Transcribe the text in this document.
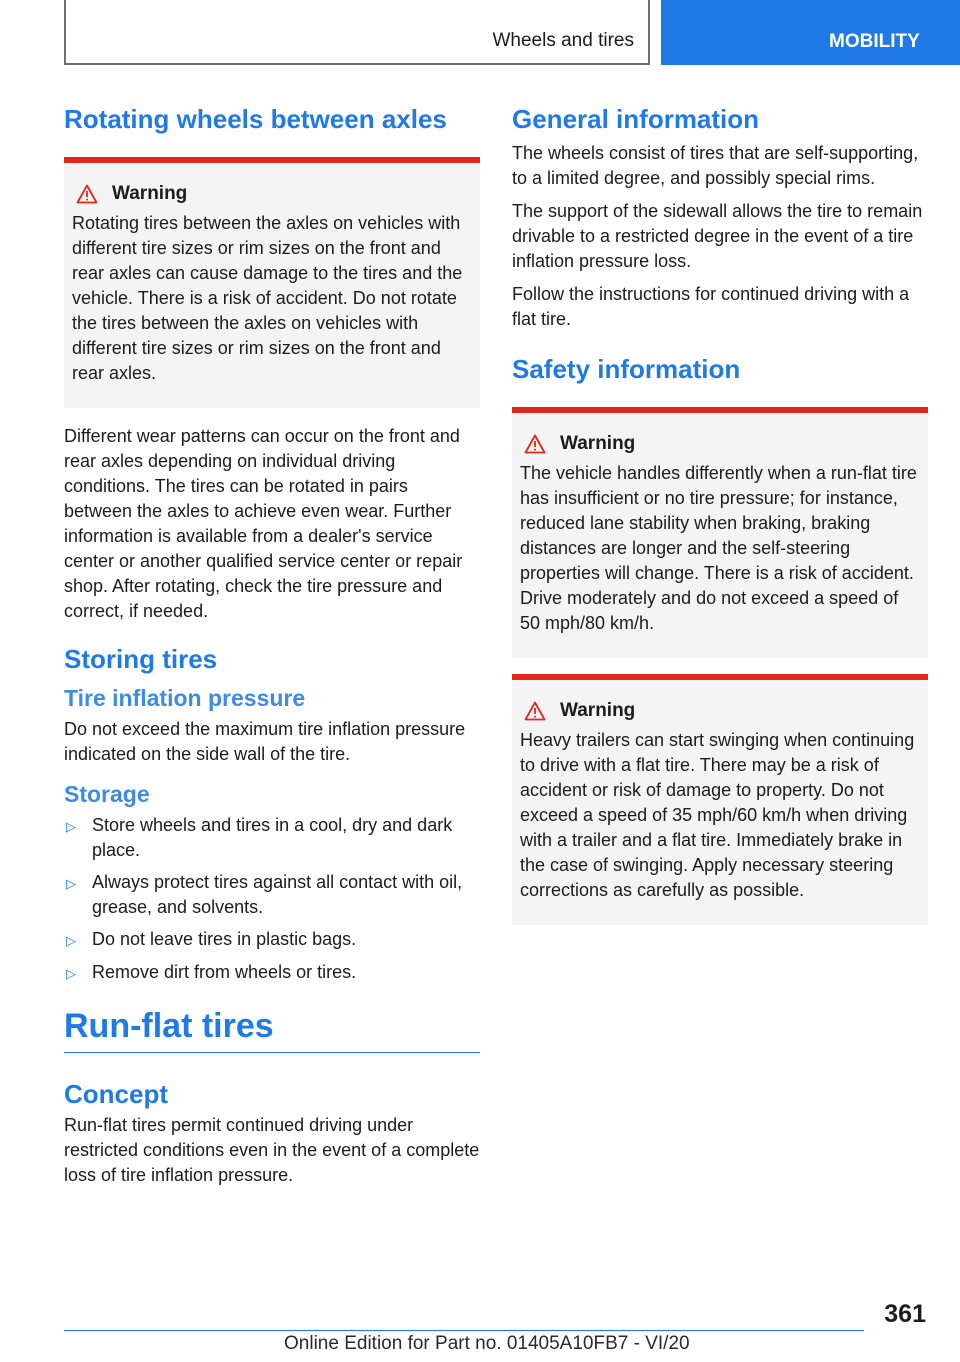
Wheels and tires	MOBILITY
Rotating wheels between axles
Warning
Rotating tires between the axles on vehicles with different tire sizes or rim sizes on the front and rear axles can cause damage to the tires and the vehicle. There is a risk of accident. Do not rotate the tires between the axles on vehicles with different tire sizes or rim sizes on the front and rear axles.

Different wear patterns can occur on the front and rear axles depending on individual driving conditions. The tires can be rotated in pairs between the axles to achieve even wear. Further information is available from a dealer's service center or another qualified service center or repair shop. After rotating, check the tire pressure and correct, if needed.

Storing tires
Tire inflation pressure

Do not exceed the maximum tire inflation pressure indicated on the side wall of the tire.

Storage
▷ Store wheels and tires in a cool, dry and dark place.
▷ Always protect tires against all contact with oil, grease, and solvents.
▷ Do not leave tires in plastic bags.
▷ Remove dirt from wheels or tires.
Run-flat tires
Concept

Run-flat tires permit continued driving under restricted conditions even in the event of a complete loss of tire inflation pressure.

General information

The wheels consist of tires that are self-supporting, to a limited degree, and possibly special rims.

The support of the sidewall allows the tire to remain drivable to a restricted degree in the event of a tire inflation pressure loss.

Follow the instructions for continued driving with a flat tire.

Safety information
Warning
The vehicle handles differently when a run-flat tire has insufficient or no tire pressure; for instance, reduced lane stability when braking, braking distances are longer and the self-steering properties will change. There is a risk of accident. Drive moderately and do not exceed a speed of 50 mph/80 km/h.
Warning
Heavy trailers can start swinging when continuing to drive with a flat tire. There may be a risk of accident or risk of damage to property. Do not exceed a speed of 35 mph/60 km/h when driving with a trailer and a flat tire. Immediately brake in the case of swinging. Apply necessary steering corrections as carefully as possible.
361
Online Edition for Part no. 01405A10FB7 - VI/20
